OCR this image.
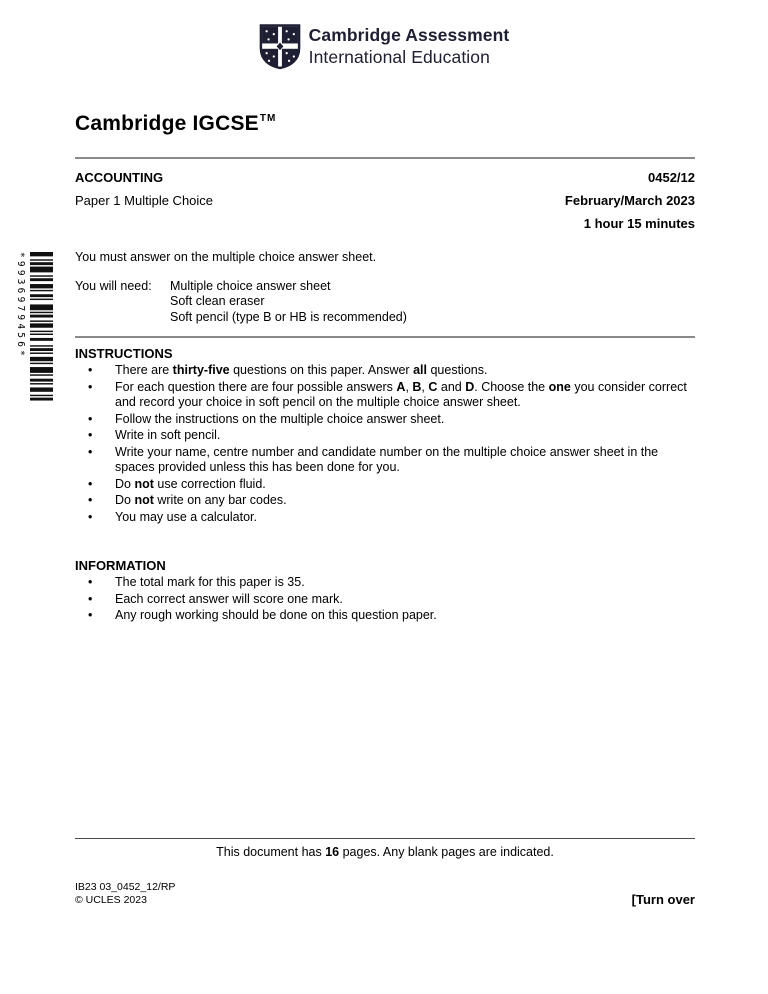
Cambridge Assessment
International Education
*9936979456*
Cambridge IGCSE™
ACCOUNTING	0452/12
Paper 1 Multiple Choice	February/March 2023
1 hour 15 minutes
You must answer on the multiple choice answer sheet.
You will need:	Multiple choice answer sheet
Soft clean eraser
Soft pencil (type B or HB is recommended)
INSTRUCTIONS
•	There are thirty-five questions on this paper. Answer all questions.
•	For each question there are four possible answers A, B, C and D. Choose the one you consider correct and record your choice in soft pencil on the multiple choice answer sheet.
•	Follow the instructions on the multiple choice answer sheet.
•	Write in soft pencil.
•	Write your name, centre number and candidate number on the multiple choice answer sheet in the spaces provided unless this has been done for you.
•	Do not use correction fluid.
•	Do not write on any bar codes.
•	You may use a calculator.
INFORMATION
•	The total mark for this paper is 35.
•	Each correct answer will score one mark.
•	Any rough working should be done on this question paper.
This document has 16 pages. Any blank pages are indicated.
IB23 03_0452_12/RP
© UCLES 2023	[Turn over
